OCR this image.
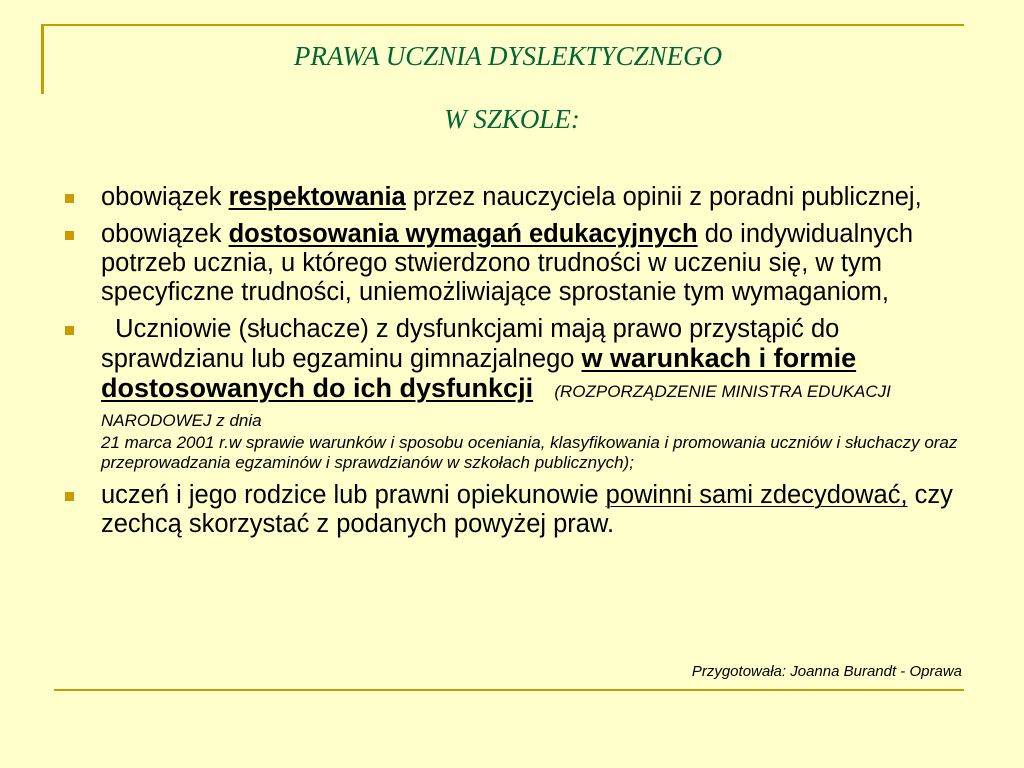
PRAWA UCZNIA DYSLEKTYCZNEGO
W SZKOLE:
obowiązek respektowania przez nauczyciela opinii z poradni publicznej,
obowiązek dostosowania wymagań edukacyjnych do indywidualnych potrzeb ucznia, u którego stwierdzono trudności w uczeniu się, w tym specyficzne trudności, uniemożliwiające sprostanie tym wymaganiom,
Uczniowie (słuchacze) z dysfunkcjami mają prawo przystąpić do sprawdzianu lub egzaminu gimnazjalnego w warunkach i formie dostosowanych do ich dysfunkcji (ROZPORZĄDZENIE MINISTRA EDUKACJI NARODOWEJ z dnia
21 marca 2001 r.w sprawie warunków i sposobu oceniania, klasyfikowania i promowania uczniów i słuchaczy oraz przeprowadzania egzaminów i sprawdzianów w szkołach publicznych);
uczeń i jego rodzice lub prawni opiekunowie powinni sami zdecydować, czy zechcą skorzystać z podanych powyżej praw.
Przygotowała: Joanna Burandt - Oprawa
